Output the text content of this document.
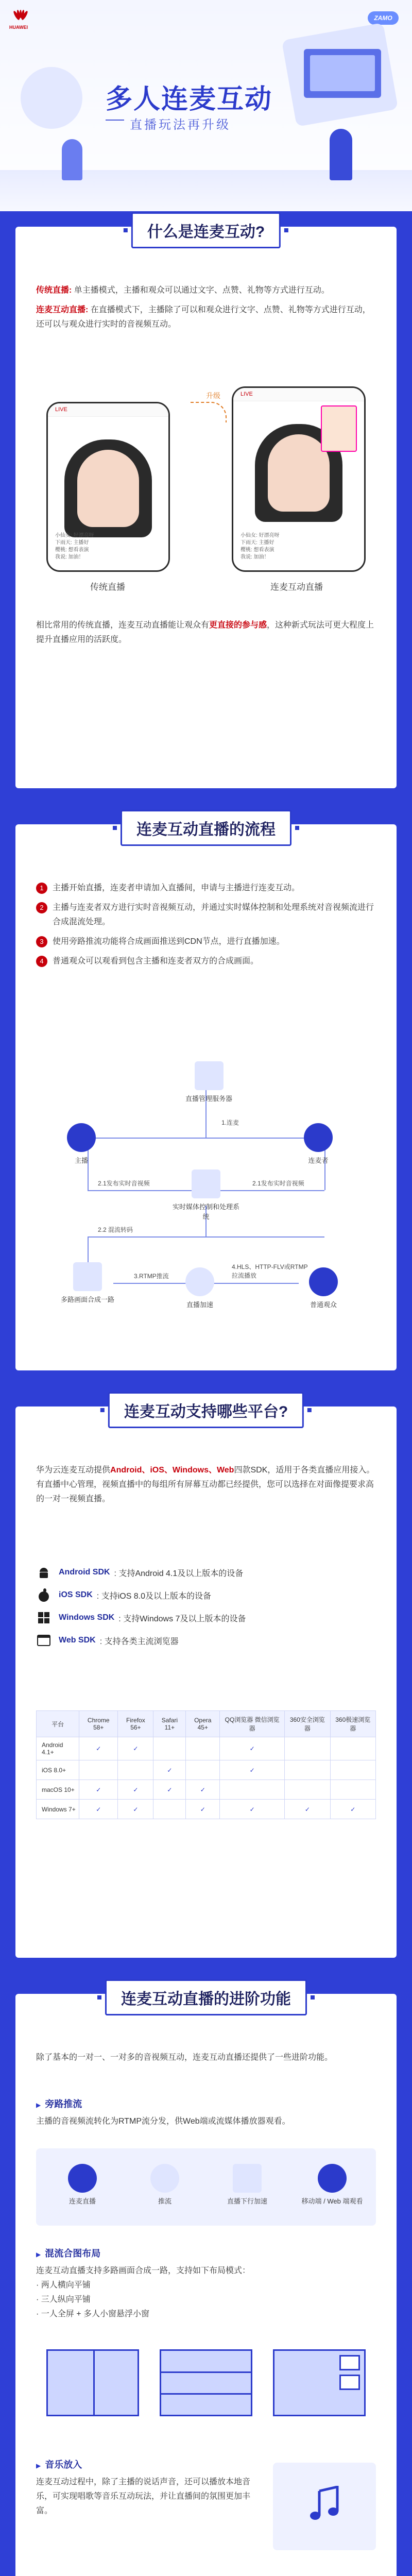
HUAWEI
ZAMO
多人连麦互动
直播玩法再升级
什么是连麦互动?

传统直播: 单主播模式，主播和观众可以通过文字、点赞、礼物等方式进行互动。

连麦互动直播: 在直播模式下，主播除了可以和观众进行文字、点赞、礼物等方式进行互动，还可以与观众进行实时的音视频互动。

升级
LIVE
小仙女: 好漂亮呀
下雨天: 主播好
樱桃: 想看表演
我说: 加油！
传统直播
LIVE
小仙女: 好漂亮呀
下雨天: 主播好
樱桃: 想看表演
我说: 加油！
连麦互动直播

相比常用的传统直播，连麦互动直播能让观众有更直接的参与感，这种新式玩法可更大程度上提升直播应用的活跃度。

连麦互动直播的流程
1	主播开始直播，连麦者申请加入直播间，申请与主播进行连麦互动。
2	主播与连麦者双方进行实时音视频互动，并通过实时媒体控制和处理系统对音视频流进行合成混流处理。
3	使用旁路推流功能将合成画面推送到CDN节点，进行直播加速。
4	普通观众可以观看到包含主播和连麦者双方的合成画面。
直播管理服务器
主播	连麦者
实时媒体控制和处理系统
多路画面合成一路
直播加速	普通观众
1.连麦
2.1发布实时音视频	2.1发布实时音视频
2.2 混流转码
3.RTMP推流
4.HLS、HTTP-FLV或RTMP拉流播放
连麦互动支持哪些平台?

华为云连麦互动提供Android、iOS、Windows、Web四款SDK，适用于各类直播应用接入。有直播中心管理，视频直播中的每组所有屏幕互动都已经提供，您可以选择在对面像提要求高的一对一视频直播。

Android SDK : 支持Android 4.1及以上版本的设备
iOS SDK : 支持iOS 8.0及以上版本的设备
Windows SDK : 支持Windows 7及以上版本的设备
Web SDK : 支持各类主流浏览器
平台	Chrome 58+	Firefox 56+	Safari 11+	Opera 45+	QQ浏览器 微信浏览器	360安全浏览器	360极速浏览器
Android 4.1+	✓	✓			✓		
iOS 8.0+			✓		✓		
macOS 10+	✓	✓	✓	✓			
Windows 7+	✓	✓		✓	✓	✓	✓
连麦互动直播的进阶功能

除了基本的一对一、一对多的音视频互动，连麦互动直播还提供了一些进阶功能。

▶ 旁路推流

主播的音视频流转化为RTMP流分发，供Web端或流媒体播放器观看。

连麦直播	推流	直播下行加速	移动端 / Web 端观看
▶ 混流合图布局

连麦互动直播支持多路画面合成一路，支持如下布局模式：

· 两人横向平铺

· 三人纵向平铺

· 一人全屏 + 多人小窗悬浮小窗

▶ 音乐放入

连麦互动过程中，除了主播的说话声音，还可以播放本地音乐，可实现唱歌等音乐互动玩法，并让直播间的氛围更加丰富。
